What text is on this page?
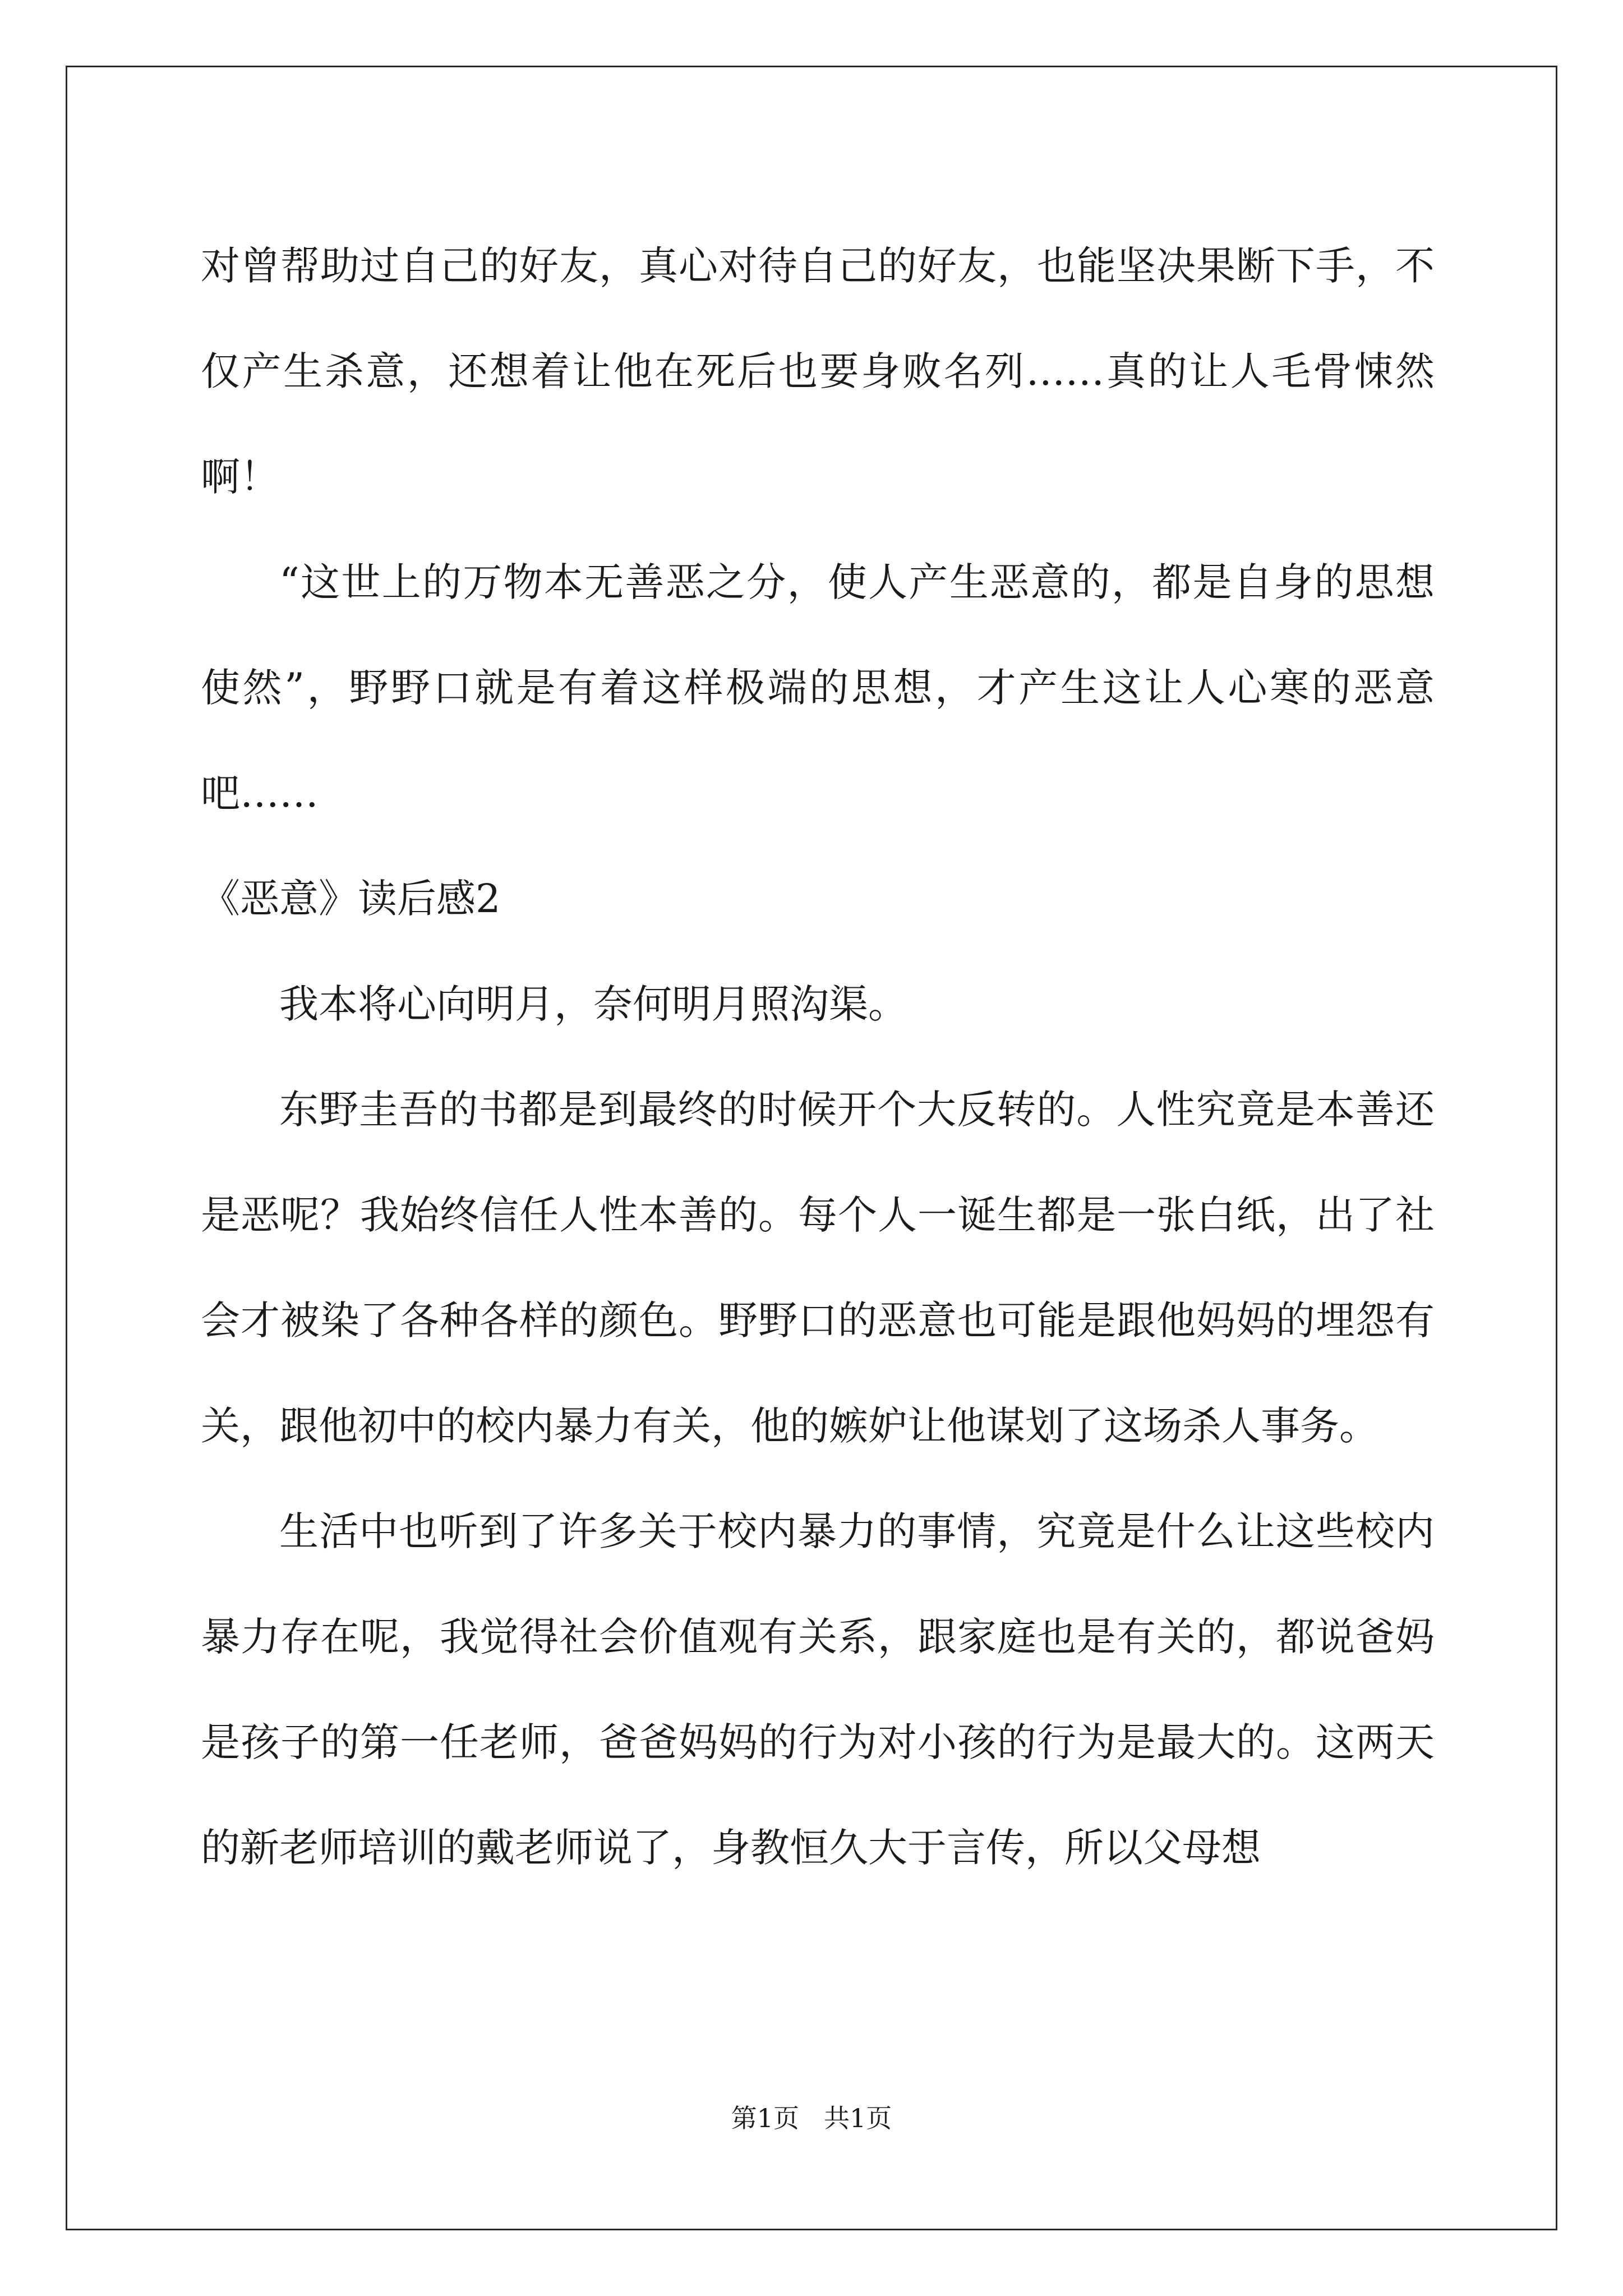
对曾帮助过自己的好友，真心对待自己的好友，也能坚决果断下手，不仅产生杀意，还想着让他在死后也要身败名列……真的让人毛骨悚然啊！

“这世上的万物本无善恶之分，使人产生恶意的，都是自身的思想使然”，野野口就是有着这样极端的思想，才产生这让人心寒的恶意吧……

《恶意》读后感2

我本将心向明月，奈何明月照沟渠。

东野圭吾的书都是到最终的时候开个大反转的。人性究竟是本善还是恶呢？我始终信任人性本善的。每个人一诞生都是一张白纸，出了社会才被染了各种各样的颜色。野野口的恶意也可能是跟他妈妈的埋怨有关，跟他初中的校内暴力有关，他的嫉妒让他谋划了这场杀人事务。

生活中也听到了许多关于校内暴力的事情，究竟是什么让这些校内暴力存在呢，我觉得社会价值观有关系，跟家庭也是有关的，都说爸妈是孩子的第一任老师，爸爸妈妈的行为对小孩的行为是最大的。这两天的新老师培训的戴老师说了，身教恒久大于言传，所以父母想

第1页 共1页
